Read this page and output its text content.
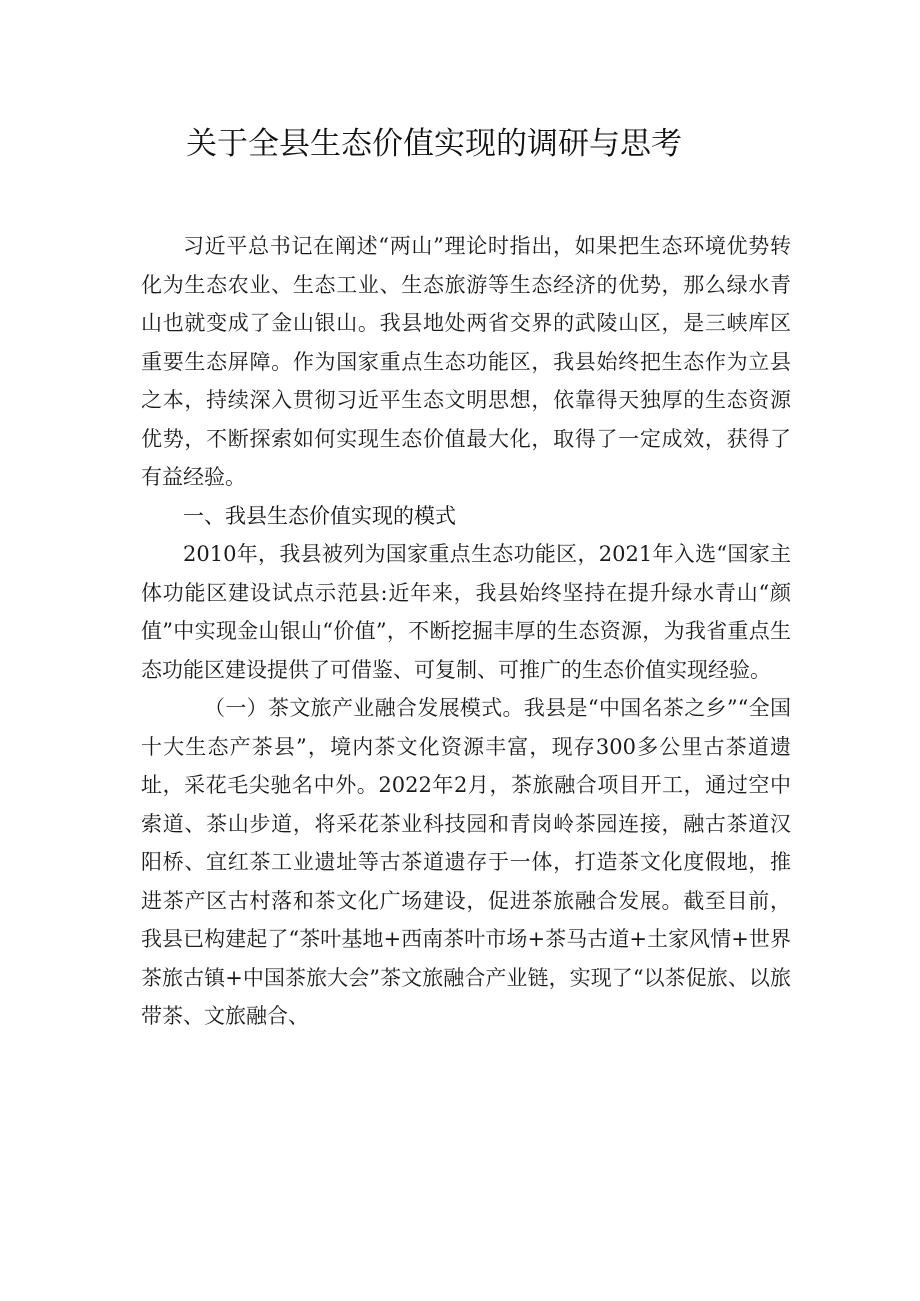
关于全县生态价值实现的调研与思考

习近平总书记在阐述“两山”理论时指出，如果把生态环境优势转化为生态农业、生态工业、生态旅游等生态经济的优势，那么绿水青山也就变成了金山银山。我县地处两省交界的武陵山区，是三峡库区重要生态屏障。作为国家重点生态功能区，我县始终把生态作为立县之本，持续深入贯彻习近平生态文明思想，依靠得天独厚的生态资源优势，不断探索如何实现生态价值最大化，取得了一定成效，获得了有益经验。

一、我县生态价值实现的模式

2010年，我县被列为国家重点生态功能区，2021年入选“国家主体功能区建设试点示范县:近年来，我县始终坚持在提升绿水青山“颜值”中实现金山银山“价值”，不断挖掘丰厚的生态资源，为我省重点生态功能区建设提供了可借鉴、可复制、可推广的生态价值实现经验。

（一）茶文旅产业融合发展模式。我县是“中国名茶之乡”“全国十大生态产茶县”，境内茶文化资源丰富，现存300多公里古茶道遗址，采花毛尖驰名中外。2022年2月，茶旅融合项目开工，通过空中索道、茶山步道，将采花茶业科技园和青岗岭茶园连接，融古茶道汉阳桥、宜红茶工业遗址等古茶道遗存于一体，打造茶文化度假地，推进茶产区古村落和茶文化广场建设，促进茶旅融合发展。截至目前，我县已构建起了“茶叶基地+西南茶叶市场+茶马古道+土家风情+世界茶旅古镇+中国茶旅大会”茶文旅融合产业链，实现了“以茶促旅、以旅带茶、文旅融合、
